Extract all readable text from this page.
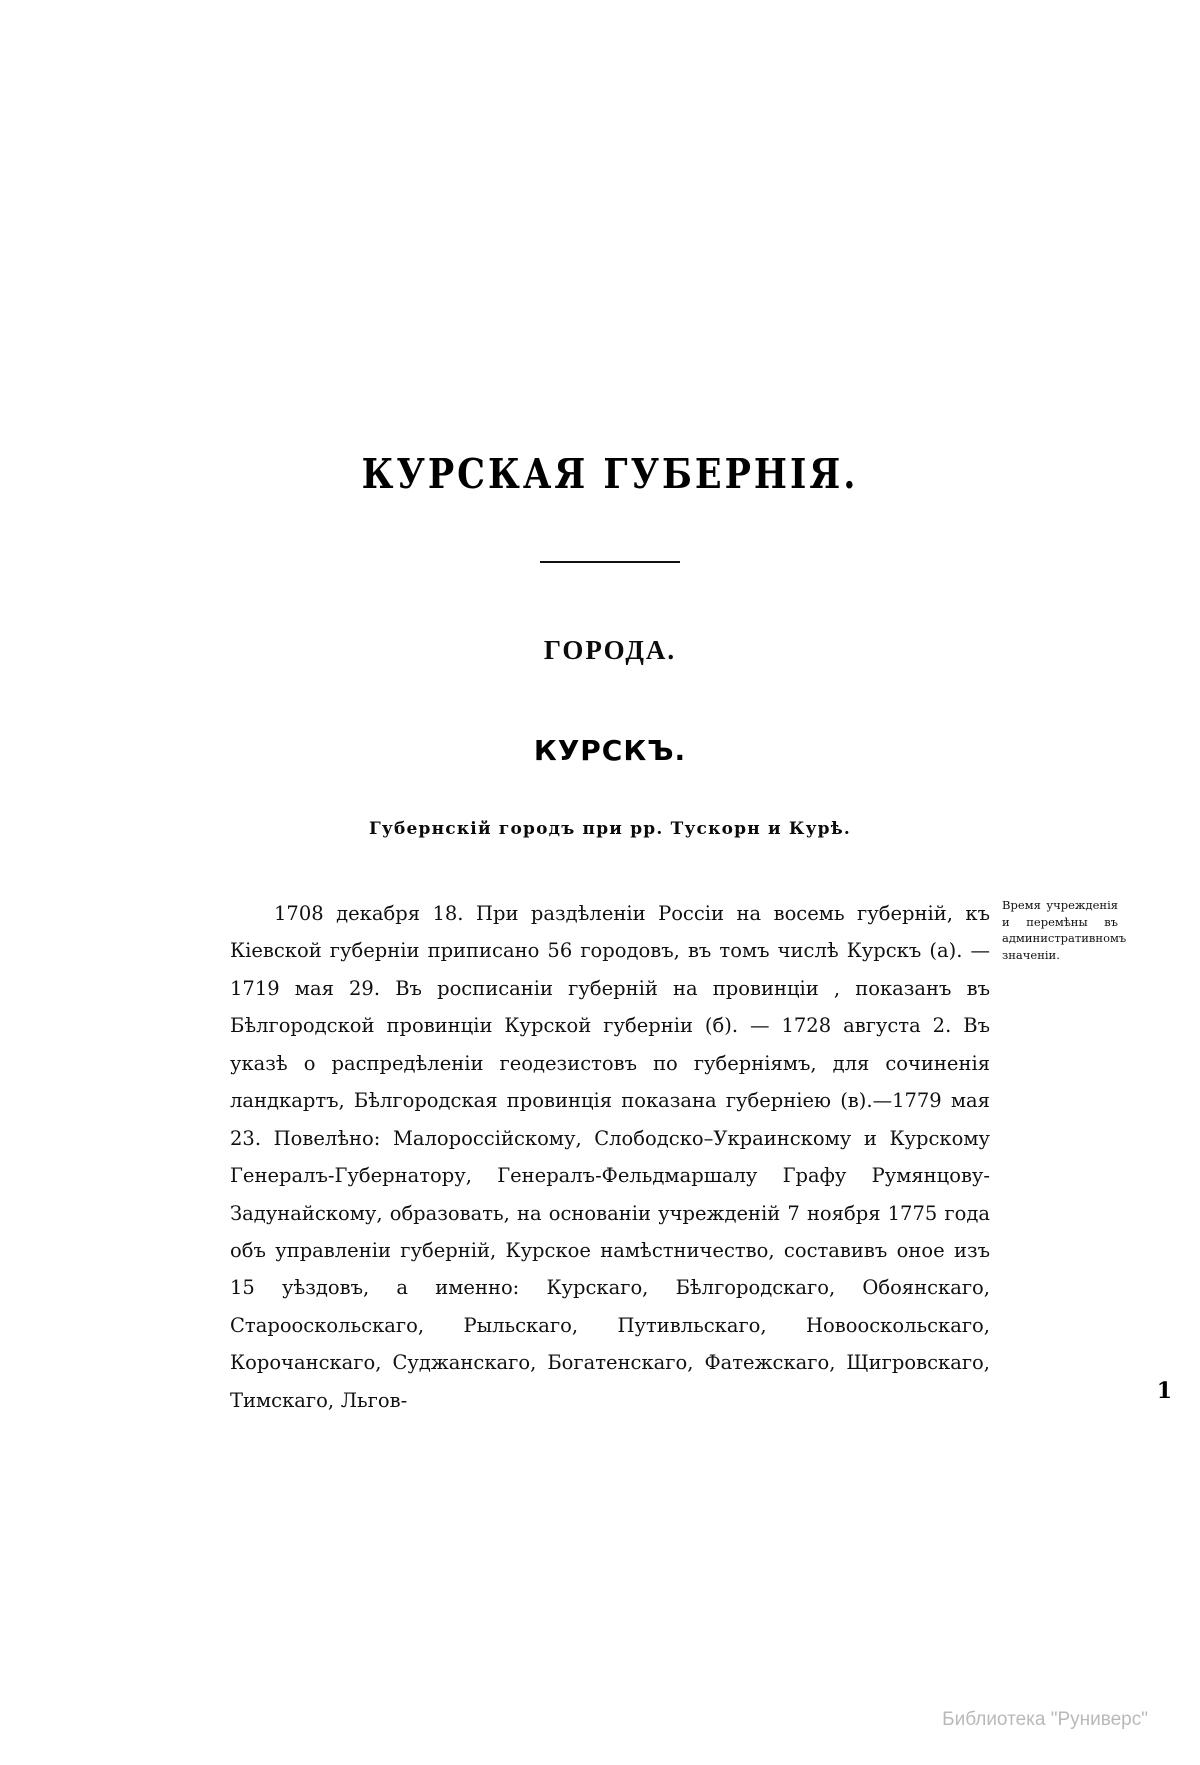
КУРСКАЯ ГУБЕРНІЯ.
ГОРОДА.
КУРСКЪ.
Губернскій городъ при рр. Тускорн и Курѣ.

1708 декабря 18. При раздѣленіи Россіи на восемь губерній, къ Кіевской губерніи приписано 56 городовъ, въ томъ числѣ Курскъ (а). — 1719 мая 29. Въ росписаніи губерній на провинціи , показанъ въ Бѣлгородской провинціи Курской губерніи (б). — 1728 августа 2. Въ указѣ о распредѣленіи геодезистовъ по губерніямъ, для сочиненія ландкартъ, Бѣлгородская провинція показана губерніею (в).—1779 мая 23. Повелѣно: Малороссійскому, Слободско–Украинскому и Курскому Генералъ-Губернатору, Генералъ-Фельдмаршалу Графу Румянцову-Задунайскому, образовать, на основаніи учрежденій 7 ноября 1775 года объ управленіи губерній, Курское намѣстничество, составивъ оное изъ 15 уѣздовъ, а именно: Курскаго, Бѣлгородскаго, Обоянскаго, Старооскольскаго, Рыльскаго, Путивльскаго, Новооскольскаго, Корочанскаго, Суджанскаго, Богатенскаго, Фатежскаго, Щигровскаго, Тимскаго, Льгов-

Время учрежденія и перемѣны въ административномъ значеніи.
1
Библиотека "Руниверс"
